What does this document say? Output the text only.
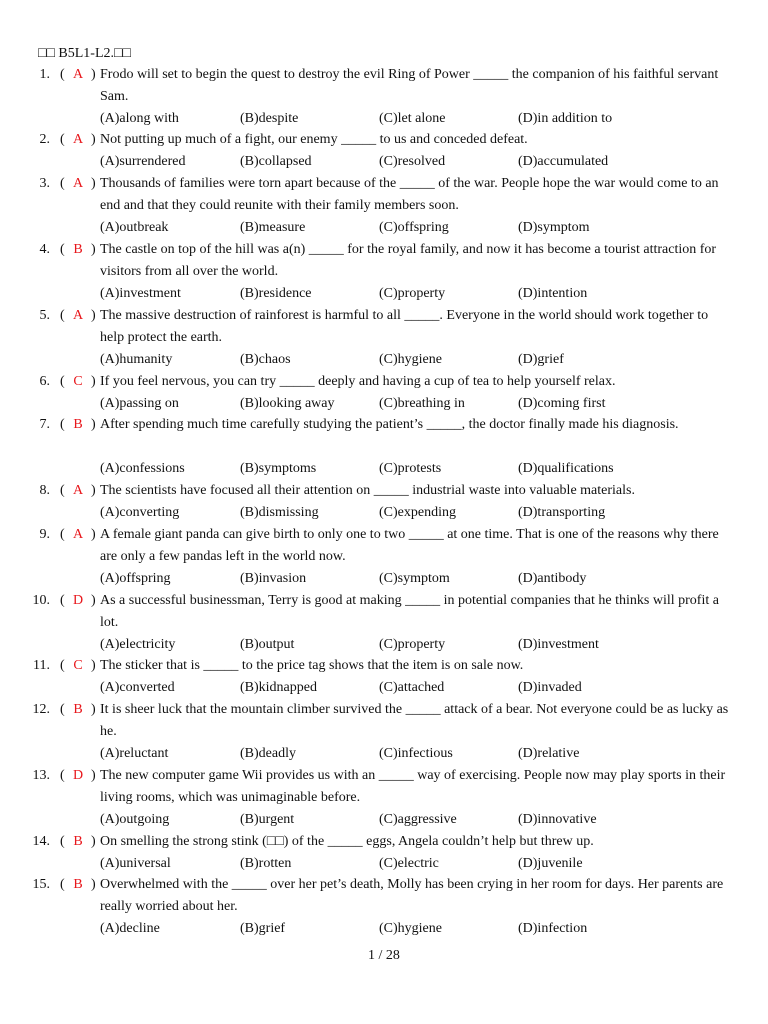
□□ B5L1-L2.□□
1. ( A ) Frodo will set to begin the quest to destroy the evil Ring of Power _____ the companion of his faithful servant Sam.
(A)along with	(B)despite	(C)let alone	(D)in addition to
2. ( A ) Not putting up much of a fight, our enemy _____ to us and conceded defeat.
(A)surrendered	(B)collapsed	(C)resolved	(D)accumulated
3. ( A ) Thousands of families were torn apart because of the _____ of the war. People hope the war would come to an end and that they could reunite with their family members soon.
(A)outbreak	(B)measure	(C)offspring	(D)symptom
4. ( B ) The castle on top of the hill was a(n) _____ for the royal family, and now it has become a tourist attraction for visitors from all over the world.
(A)investment	(B)residence	(C)property	(D)intention
5. ( A ) The massive destruction of rainforest is harmful to all _____. Everyone in the world should work together to help protect the earth.
(A)humanity	(B)chaos	(C)hygiene	(D)grief
6. ( C ) If you feel nervous, you can try _____ deeply and having a cup of tea to help yourself relax.
(A)passing on	(B)looking away	(C)breathing in	(D)coming first
7. ( B ) After spending much time carefully studying the patient’s _____, the doctor finally made his diagnosis.
(A)confessions	(B)symptoms	(C)protests	(D)qualifications
8. ( A ) The scientists have focused all their attention on _____ industrial waste into valuable materials.
(A)converting	(B)dismissing	(C)expending	(D)transporting
9. ( A ) A female giant panda can give birth to only one to two _____ at one time. That is one of the reasons why there are only a few pandas left in the world now.
(A)offspring	(B)invasion	(C)symptom	(D)antibody
10. ( D ) As a successful businessman, Terry is good at making _____ in potential companies that he thinks will profit a lot.
(A)electricity	(B)output	(C)property	(D)investment
11. ( C ) The sticker that is _____ to the price tag shows that the item is on sale now.
(A)converted	(B)kidnapped	(C)attached	(D)invaded
12. ( B ) It is sheer luck that the mountain climber survived the _____ attack of a bear. Not everyone could be as lucky as he.
(A)reluctant	(B)deadly	(C)infectious	(D)relative
13. ( D ) The new computer game Wii provides us with an _____ way of exercising. People now may play sports in their living rooms, which was unimaginable before.
(A)outgoing	(B)urgent	(C)aggressive	(D)innovative
14. ( B ) On smelling the strong stink (□□) of the _____ eggs, Angela couldn’t help but threw up.
(A)universal	(B)rotten	(C)electric	(D)juvenile
15. ( B ) Overwhelmed with the _____ over her pet’s death, Molly has been crying in her room for days. Her parents are really worried about her.
(A)decline	(B)grief	(C)hygiene	(D)infection
1 / 28
